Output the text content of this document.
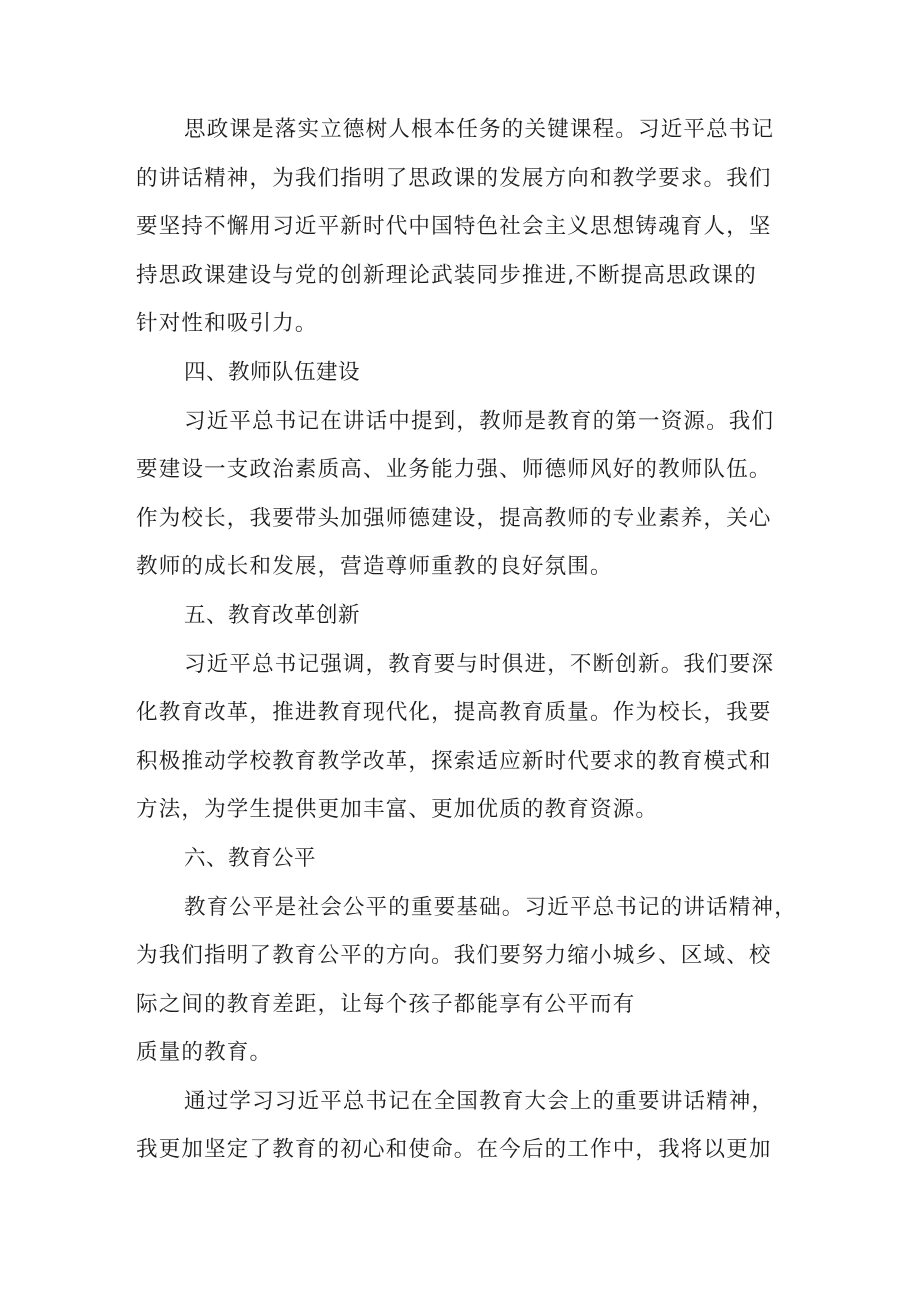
思政课是落实立德树人根本任务的关键课程。习近平总书记
的讲话精神，为我们指明了思政课的发展方向和教学要求。我们
要坚持不懈用习近平新时代中国特色社会主义思想铸魂育人，坚
持思政课建设与党的创新理论武装同步推进,不断提高思政课的
针对性和吸引力。
四、教师队伍建设
习近平总书记在讲话中提到，教师是教育的第一资源。我们
要建设一支政治素质高、业务能力强、师德师风好的教师队伍。
作为校长，我要带头加强师德建设，提高教师的专业素养，关心
教师的成长和发展，营造尊师重教的良好氛围。
五、教育改革创新
习近平总书记强调，教育要与时俱进，不断创新。我们要深
化教育改革，推进教育现代化，提高教育质量。作为校长，我要
积极推动学校教育教学改革，探索适应新时代要求的教育模式和
方法，为学生提供更加丰富、更加优质的教育资源。
六、教育公平
教育公平是社会公平的重要基础。习近平总书记的讲话精神，
为我们指明了教育公平的方向。我们要努力缩小城乡、区域、校
际之间的教育差距，让每个孩子都能享有公平而有
质量的教育。
通过学习习近平总书记在全国教育大会上的重要讲话精神，
我更加坚定了教育的初心和使命。在今后的工作中，我将以更加
